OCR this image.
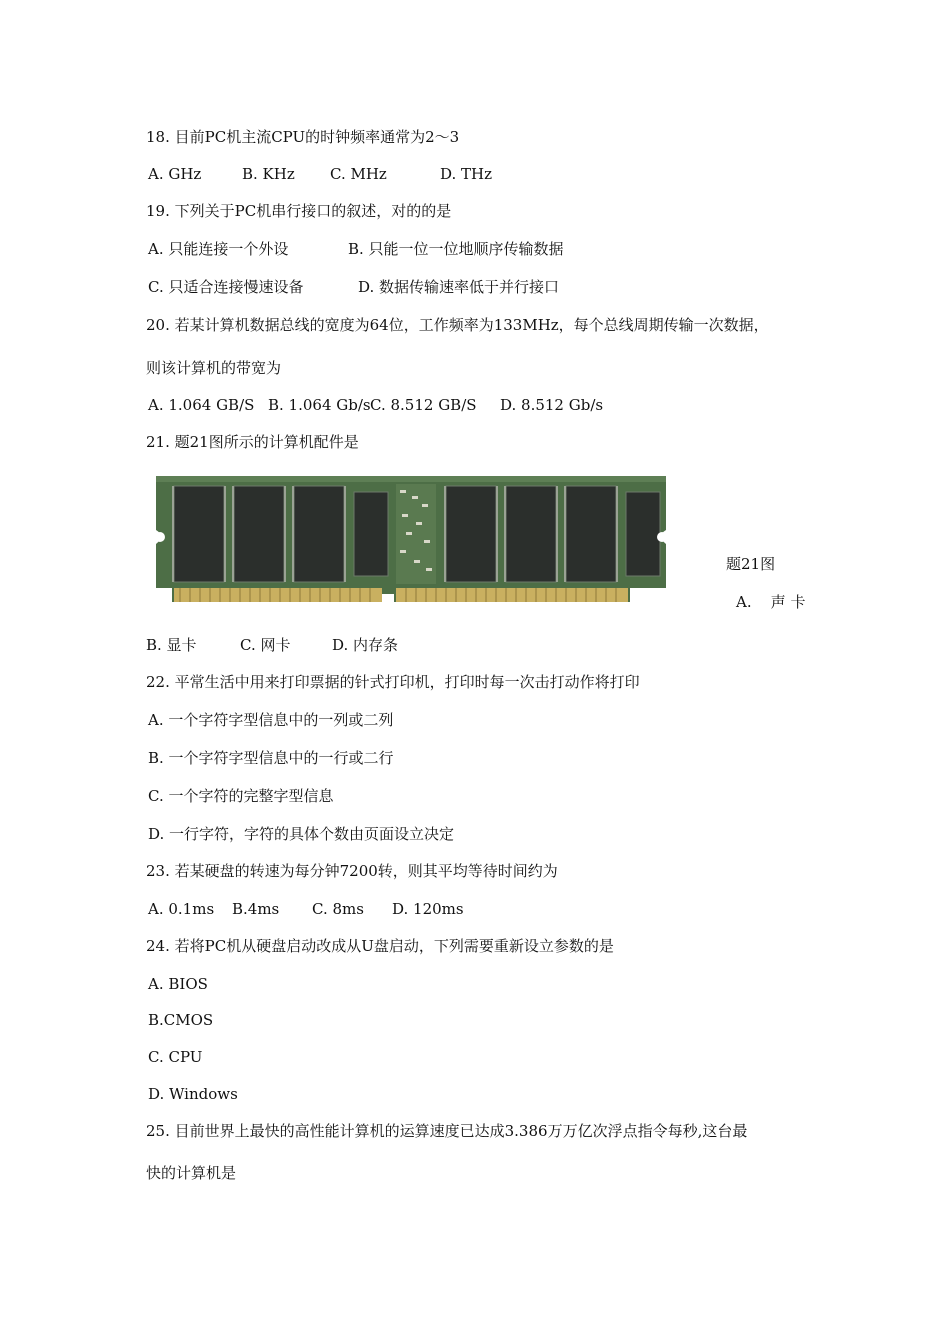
18. 目前PC机主流CPU的时钟频率通常为2～3
A. GHz	B. KHz C. MHz	D. THz
19. 下列关于PC机串行接口的叙述，对的的是
A. 只能连接一个外设	B. 只能一位一位地顺序传输数据
C. 只适合连接慢速设备	D. 数据传输速率低于并行接口
20. 若某计算机数据总线的宽度为64位，工作频率为133MHz，每个总线周期传输一次数据，
则该计算机的带宽为
A. 1.064 GB/S B. 1.064 Gb/s C. 8.512 GB/S D. 8.512 Gb/s
21. 题21图所示的计算机配件是
题21图
A.    声 卡
B. 显卡	C. 网卡	D. 内存条
22. 平常生活中用来打印票据的针式打印机，打印时每一次击打动作将打印
A. 一个字符字型信息中的一列或二列
B. 一个字符字型信息中的一行或二行
C. 一个字符的完整字型信息
D. 一行字符，字符的具体个数由页面设立决定
23. 若某硬盘的转速为每分钟7200转，则其平均等待时间约为
A. 0.1ms B.4ms C. 8ms D. 120ms
24. 若将PC机从硬盘启动改成从U盘启动，下列需要重新设立参数的是
A. BIOS
B.CMOS
C. CPU
D. Windows
25. 目前世界上最快的高性能计算机的运算速度已达成3.386万万亿次浮点指令每秒,这台最
快的计算机是
